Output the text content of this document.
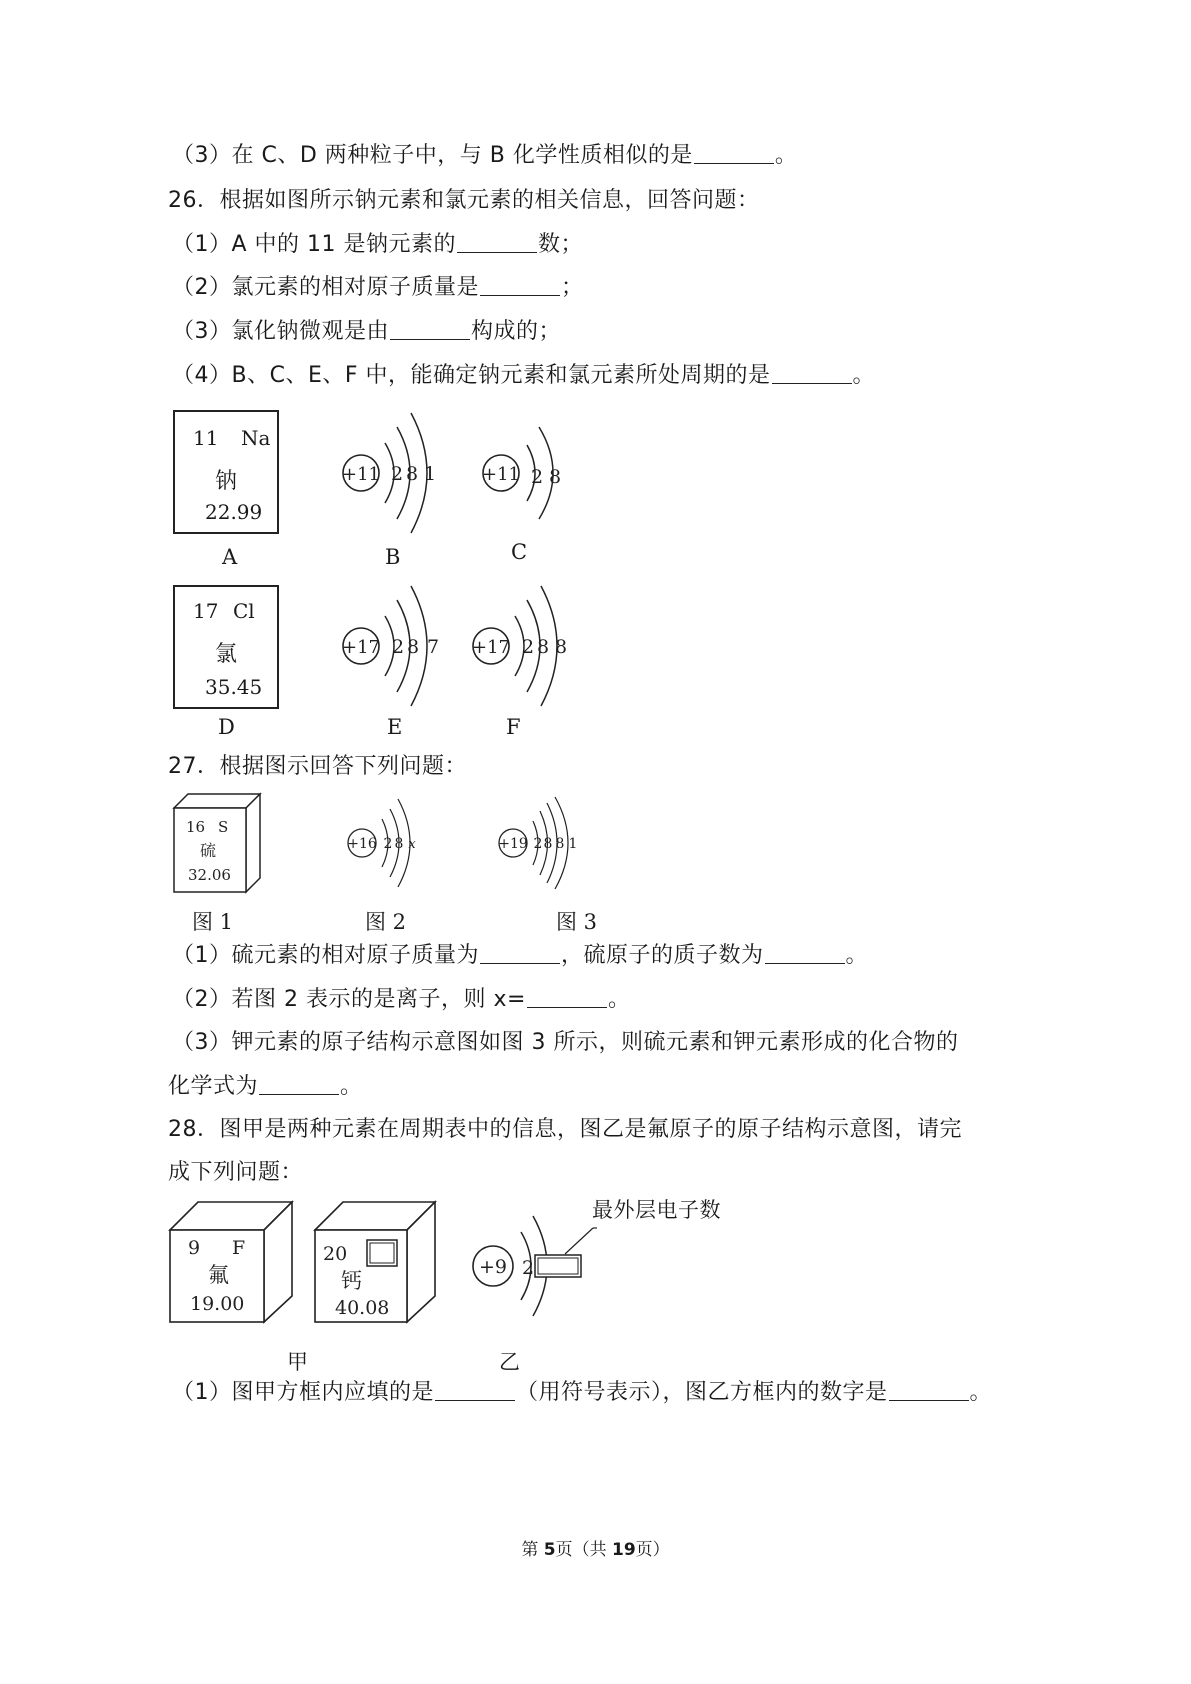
（3）在 C、D 两种粒子中，与 B 化学性质相似的是	。
26．根据如图所示钠元素和氯元素的相关信息，回答问题：
（1）A 中的 11 是钠元素的	数；
（2）氯元素的相对原子质量是	；
（3）氯化钠微观是由	构成的；
（4）B、C、E、F 中，能确定钠元素和氯元素所处周期的是	。
11 Na
钠
22.99
A
17 Cl
氯
35.45
D
+11 2 8 1
B
+11 2 8
C
+17 2 8 7
E
+17 2 8 8
F
27．根据图示回答下列问题：
16 S
硫
32.06
+16 2 8 x	+19 2 8 8 1
图 1	图 2	图 3
（1）硫元素的相对原子质量为	，硫原子的质子数为	。
（2）若图 2 表示的是离子，则 x=	。
（3）钾元素的原子结构示意图如图 3 所示，则硫元素和钾元素形成的化合物的
化学式为	。
28．图甲是两种元素在周期表中的信息，图乙是氟原子的原子结构示意图，请完
成下列问题：
9 F
氟
19.00
20
钙
40.08
+9 2
最外层电子数
甲	乙
（1）图甲方框内应填的是	（用符号表示），图乙方框内的数字是	。
第 5页（共 19页）
